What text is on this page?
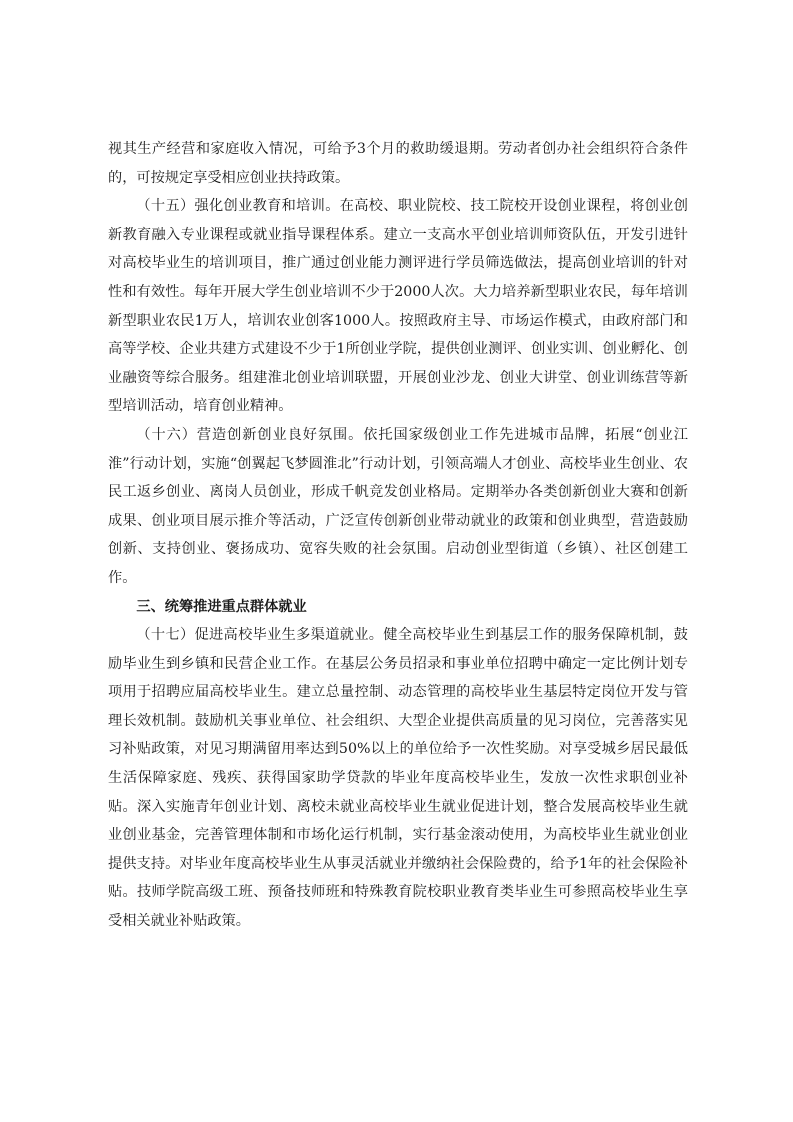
视其生产经营和家庭收入情况，可给予3个月的救助缓退期。劳动者创办社会组织符合条件的，可按规定享受相应创业扶持政策。

（十五）强化创业教育和培训。在高校、职业院校、技工院校开设创业课程，将创业创新教育融入专业课程或就业指导课程体系。建立一支高水平创业培训师资队伍，开发引进针对高校毕业生的培训项目，推广通过创业能力测评进行学员筛选做法，提高创业培训的针对性和有效性。每年开展大学生创业培训不少于2000人次。大力培养新型职业农民，每年培训新型职业农民1万人，培训农业创客1000人。按照政府主导、市场运作模式，由政府部门和高等学校、企业共建方式建设不少于1所创业学院，提供创业测评、创业实训、创业孵化、创业融资等综合服务。组建淮北创业培训联盟，开展创业沙龙、创业大讲堂、创业训练营等新型培训活动，培育创业精神。

（十六）营造创新创业良好氛围。依托国家级创业工作先进城市品牌，拓展“创业江淮”行动计划，实施“创翼起飞梦圆淮北”行动计划，引领高端人才创业、高校毕业生创业、农民工返乡创业、离岗人员创业，形成千帆竞发创业格局。定期举办各类创新创业大赛和创新成果、创业项目展示推介等活动，广泛宣传创新创业带动就业的政策和创业典型，营造鼓励创新、支持创业、褒扬成功、宽容失败的社会氛围。启动创业型街道（乡镇）、社区创建工作。

三、统筹推进重点群体就业

（十七）促进高校毕业生多渠道就业。健全高校毕业生到基层工作的服务保障机制，鼓励毕业生到乡镇和民营企业工作。在基层公务员招录和事业单位招聘中确定一定比例计划专项用于招聘应届高校毕业生。建立总量控制、动态管理的高校毕业生基层特定岗位开发与管理长效机制。鼓励机关事业单位、社会组织、大型企业提供高质量的见习岗位，完善落实见习补贴政策，对见习期满留用率达到50%以上的单位给予一次性奖励。对享受城乡居民最低生活保障家庭、残疾、获得国家助学贷款的毕业年度高校毕业生，发放一次性求职创业补贴。深入实施青年创业计划、离校未就业高校毕业生就业促进计划，整合发展高校毕业生就业创业基金，完善管理体制和市场化运行机制，实行基金滚动使用，为高校毕业生就业创业提供支持。对毕业年度高校毕业生从事灵活就业并缴纳社会保险费的，给予1年的社会保险补贴。技师学院高级工班、预备技师班和特殊教育院校职业教育类毕业生可参照高校毕业生享受相关就业补贴政策。
